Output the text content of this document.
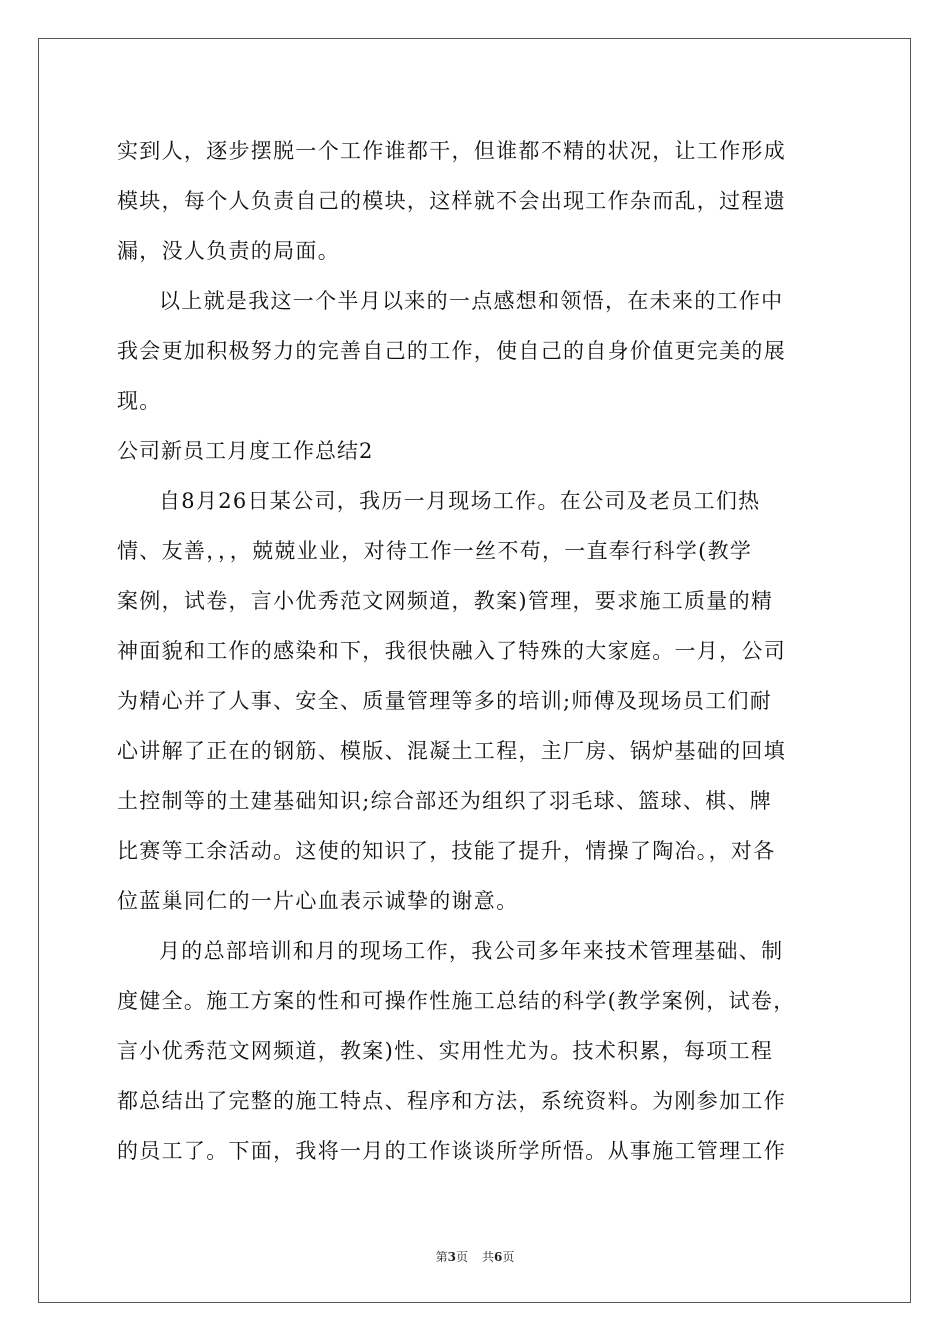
实到人，逐步摆脱一个工作谁都干，但谁都不精的状况，让工作形成
模块，每个人负责自己的模块，这样就不会出现工作杂而乱，过程遗
漏，没人负责的局面。
以上就是我这一个半月以来的一点感想和领悟，在未来的工作中
我会更加积极努力的完善自己的工作，使自己的自身价值更完美的展
现。
公司新员工月度工作总结2
自8月26日某公司，我历一月现场工作。在公司及老员工们热
情、友善，，，兢兢业业，对待工作一丝不苟，一直奉行科学(教学
案例，试卷，言小优秀范文网频道，教案)管理，要求施工质量的精
神面貌和工作的感染和下，我很快融入了特殊的大家庭。一月，公司
为精心并了人事、安全、质量管理等多的培训;师傅及现场员工们耐
心讲解了正在的钢筋、模版、混凝土工程，主厂房、锅炉基础的回填
土控制等的土建基础知识;综合部还为组织了羽毛球、篮球、棋、牌
比赛等工余活动。这使的知识了，技能了提升，情操了陶冶。，对各
位蓝巢同仁的一片心血表示诚挚的谢意。
月的总部培训和月的现场工作，我公司多年来技术管理基础、制
度健全。施工方案的性和可操作性施工总结的科学(教学案例，试卷，
言小优秀范文网频道，教案)性、实用性尤为。技术积累，每项工程
都总结出了完整的施工特点、程序和方法，系统资料。为刚参加工作
的员工了。下面，我将一月的工作谈谈所学所悟。从事施工管理工作
第3页 共6页
